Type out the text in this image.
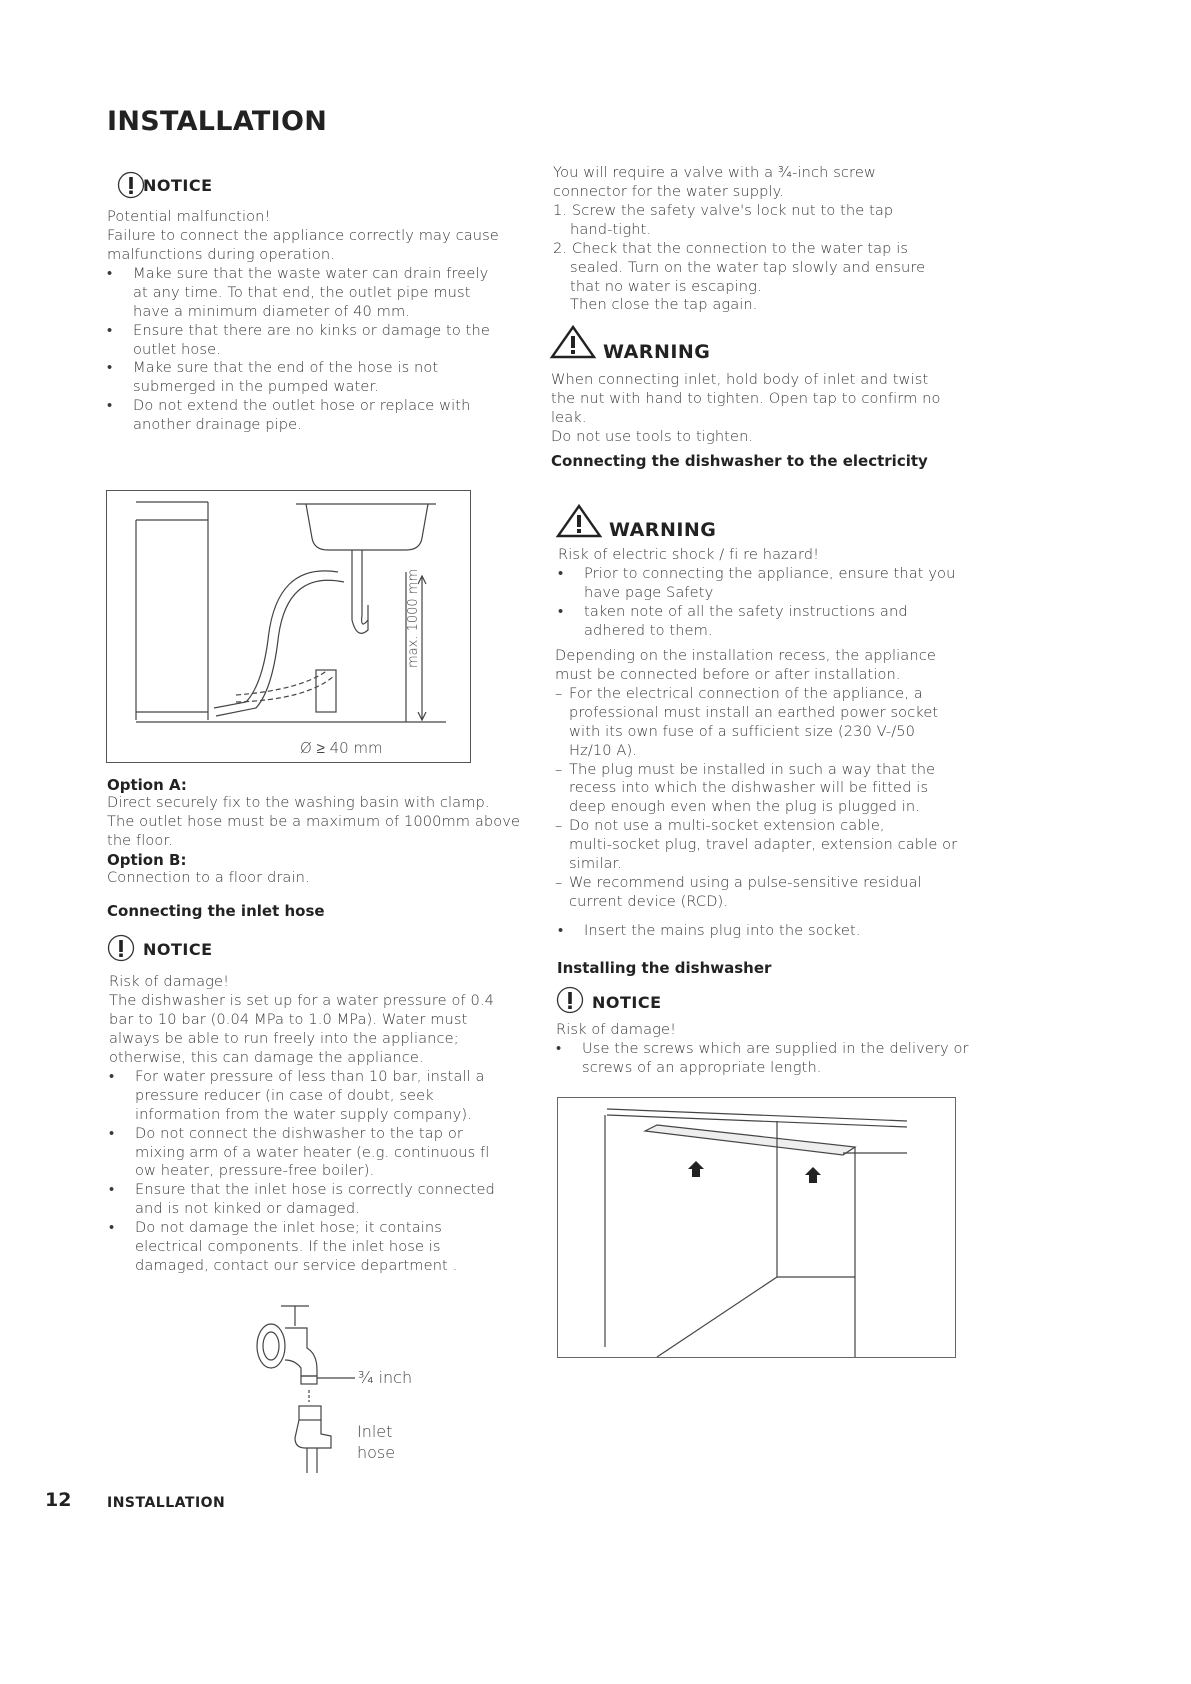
INSTALLATION
NOTICE
Potential malfunction!
Failure to connect the appliance correctly may cause
malfunctions during operation.
• Make sure that the waste water can drain freely
at any time. To that end, the outlet pipe must
have a minimum diameter of 40 mm.
• Ensure that there are no kinks or damage to the
outlet hose.
• Make sure that the end of the hose is not
submerged in the pumped water.
• Do not extend the outlet hose or replace with
another drainage pipe.
max. 1000 mm
Ø ≥ 40 mm
Option A:
Direct securely fix to the washing basin with clamp.
The outlet hose must be a maximum of 1000mm above
the floor.
Option B:
Connection to a floor drain.
Connecting the inlet hose
NOTICE
Risk of damage!
The dishwasher is set up for a water pressure of 0.4
bar to 10 bar (0.04 MPa to 1.0 MPa). Water must
always be able to run freely into the appliance;
otherwise, this can damage the appliance.
• For water pressure of less than 10 bar, install a
pressure reducer (in case of doubt, seek
information from the water supply company).
• Do not connect the dishwasher to the tap or
mixing arm of a water heater (e.g. continuous fl
ow heater, pressure-free boiler).
• Ensure that the inlet hose is correctly connected
and is not kinked or damaged.
• Do not damage the inlet hose; it contains
electrical components. If the inlet hose is
damaged, contact our service department .
¾ inch
Inlet
hose
You will require a valve with a ¾-inch screw
connector for the water supply.
1. Screw the safety valve's lock nut to the tap
hand-tight.
2. Check that the connection to the water tap is
sealed. Turn on the water tap slowly and ensure
that no water is escaping.
Then close the tap again.
WARNING
When connecting inlet, hold body of inlet and twist
the nut with hand to tighten. Open tap to confirm no
leak.
Do not use tools to tighten.
Connecting the dishwasher to the electricity
WARNING
Risk of electric shock / fi re hazard!
• Prior to connecting the appliance, ensure that you
have page Safety
• taken note of all the safety instructions and
adhered to them.
Depending on the installation recess, the appliance
must be connected before or after installation.
– For the electrical connection of the appliance, a
professional must install an earthed power socket
with its own fuse of a sufficient size (230 V-/50
Hz/10 A).
– The plug must be installed in such a way that the
recess into which the dishwasher will be fitted is
deep enough even when the plug is plugged in.
– Do not use a multi-socket extension cable,
multi-socket plug, travel adapter, extension cable or
similar.
– We recommend using a pulse-sensitive residual
current device (RCD).
• Insert the mains plug into the socket.
Installing the dishwasher
NOTICE
Risk of damage!
• Use the screws which are supplied in the delivery or
screws of an appropriate length.
12	INSTALLATION
